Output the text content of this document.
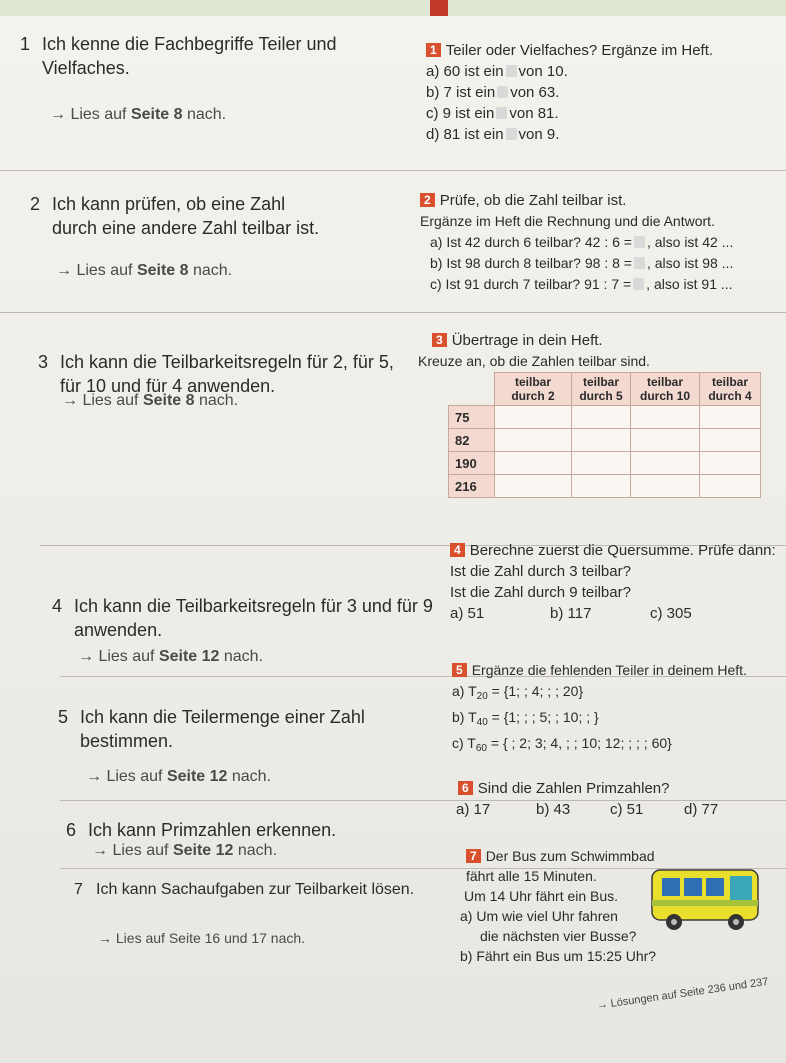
1 Ich kenne die Fachbegriffe Teiler und
Vielfaches.
→ Lies auf Seite 8 nach.
1 Teiler oder Vielfaches? Ergänze im Heft.
a) 60 ist ein von 10.
b) 7 ist ein von 63.
c) 9 ist ein von 81.
d) 81 ist ein von 9.
2 Ich kann prüfen, ob eine Zahl
durch eine andere Zahl teilbar ist.
→ Lies auf Seite 8 nach.
2 Prüfe, ob die Zahl teilbar ist.
Ergänze im Heft die Rechnung und die Antwort.
a) Ist 42 durch 6 teilbar? 42 : 6 = , also ist 42 ...
b) Ist 98 durch 8 teilbar? 98 : 8 = , also ist 98 ...
c) Ist 91 durch 7 teilbar? 91 : 7 = , also ist 91 ...
3 Ich kann die Teilbarkeitsregeln für 2, für 5,
für 10 und für 4 anwenden.
→ Lies auf Seite 8 nach.
3 Übertrage in dein Heft.
Kreuze an, ob die Zahlen teilbar sind.
	teilbar
durch 2	teilbar
durch 5	teilbar
durch 10	teilbar
durch 4
75				
82				
190				
216				
4 Ich kann die Teilbarkeitsregeln für 3 und für 9
anwenden.
→ Lies auf Seite 12 nach.
4 Berechne zuerst die Quersumme. Prüfe dann:
Ist die Zahl durch 3 teilbar?
Ist die Zahl durch 9 teilbar?
a) 51	b) 117	c) 305
5 Ich kann die Teilermenge einer Zahl
bestimmen.
→ Lies auf Seite 12 nach.
5 Ergänze die fehlenden Teiler in deinem Heft.
a) $T_{20} = \{1$; ; 4; ; ; 20}
b) $T_{40} = \{1$; ; ; 5; ; 10; ; }
c) $T_{60}$ = { ; 2; 3; 4, ; ; 10; 12; ; ; ; 60}
6 Ich kann Primzahlen erkennen.
→ Lies auf Seite 12 nach.
6 Sind die Zahlen Primzahlen?
a) 17	b) 43	c) 51	d) 77
7 Ich kann Sachaufgaben zur Teilbarkeit lösen.
→ Lies auf Seite 16 und 17 nach.
7 Der Bus zum Schwimmbad
fährt alle 15 Minuten.
Um 14 Uhr fährt ein Bus.
a) Um wie viel Uhr fahren
die nächsten vier Busse?
b) Fährt ein Bus um 15:25 Uhr?
→ Lösungen auf Seite 236 und 237
